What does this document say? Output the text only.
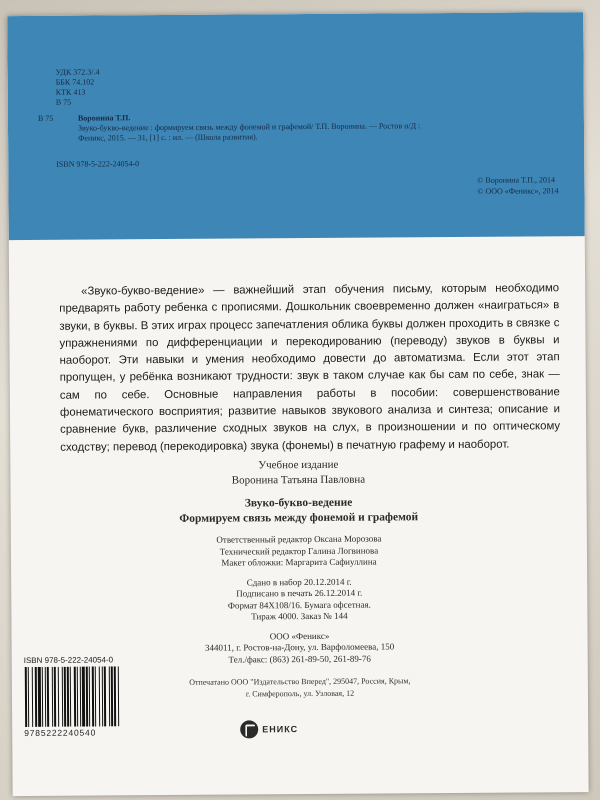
УДК 372.3/.4
ББК 74.102
КТК 413
В 75
В 75	Воронина Т.П.
Звуко-букво-ведение : формируем связь между фонемой и графемой/ Т.П. Воронина. — Ростов н/Д :
Феникс, 2015. — 31, [1] с. : ил. — (Школа развития).
ISBN 978-5-222-24054-0
© Воронина Т.П., 2014
© ООО «Феникс», 2014
«Звуко-букво-ведение» — важнейший этап обучения письму, которым необходимо предварять работу ребенка с прописями. Дошкольник своевременно должен «наиграться» в звуки, в буквы. В этих играх процесс запечатления облика буквы должен проходить в связке с упражнениями по дифференциации и перекодированию (переводу) звуков в буквы и наоборот. Эти навыки и умения необходимо довести до автоматизма. Если этот этап пропущен, у ребёнка возникают трудности: звук в таком случае как бы сам по себе, знак — сам по себе. Основные направления работы в пособии: совершенствование фонематического восприятия; развитие навыков звукового анализа и синтеза; описание и сравнение букв, различение сходных звуков на слух, в произношении и по оптическому сходству; перевод (перекодировка) звука (фонемы) в печатную графему и наоборот.
Учебное издание
Воронина Татьяна Павловна
Звуко-букво-ведение
Формируем связь между фонемой и графемой
Ответственный редактор Оксана Морозова
Технический редактор Галина Логвинова
Макет обложки: Маргарита Сафиуллина
Сдано в набор 20.12.2014 г.
Подписано в печать 26.12.2014 г.
Формат 84Х108/16. Бумага офсетная.
Тираж 4000. Заказ № 144
ООО «Феникс»
344011, г. Ростов-на-Дону, ул. Варфоломеева, 150
Тел./факс: (863) 261-89-50, 261-89-76
Отпечатано ООО "Издательство Вперед", 295047, Россия, Крым,
г. Симферополь, ул. Узловая, 12
ISBN 978-5-222-24054-0
9785222240540	ЕНИКС
